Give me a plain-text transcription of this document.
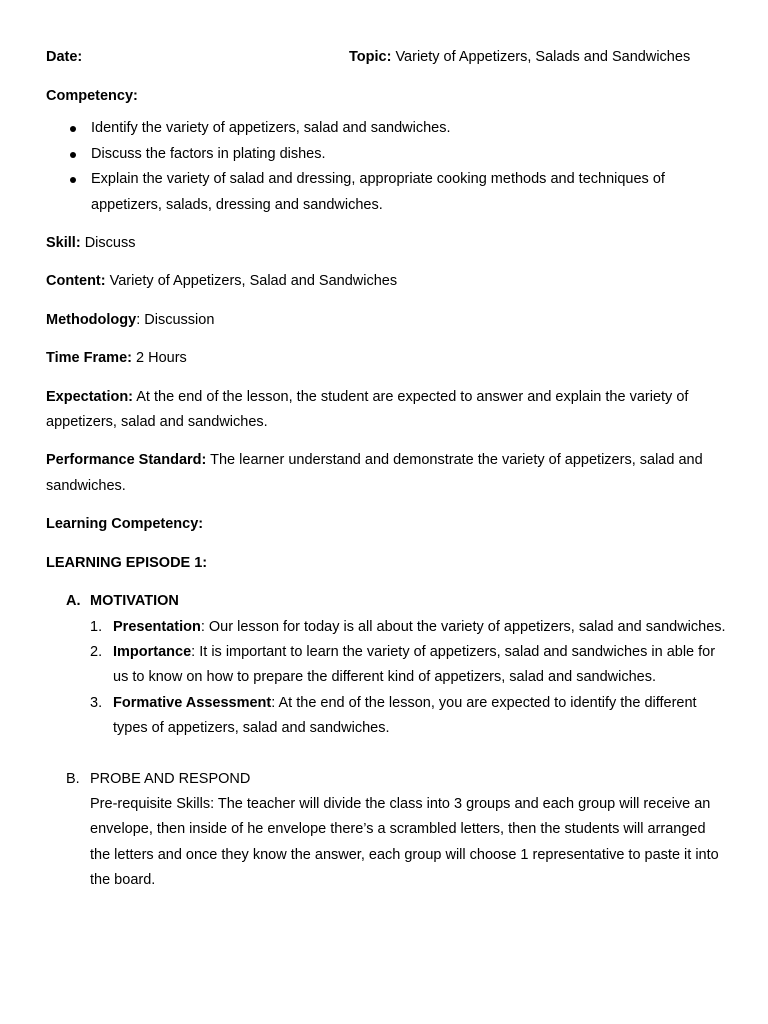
Date:	Topic: Variety of Appetizers, Salads and Sandwiches
Competency:
Identify the variety of appetizers, salad and sandwiches.
Discuss the factors in plating dishes.
Explain the variety of salad and dressing, appropriate cooking methods and techniques of appetizers, salads, dressing and sandwiches.
Skill: Discuss
Content: Variety of Appetizers, Salad and Sandwiches
Methodology: Discussion
Time Frame: 2 Hours
Expectation: At the end of the lesson, the student are expected to answer and explain the variety of appetizers, salad and sandwiches.
Performance Standard: The learner understand and demonstrate the variety of appetizers, salad and sandwiches.
Learning Competency:
LEARNING EPISODE 1:
A. MOTIVATION
1. Presentation: Our lesson for today is all about the variety of appetizers, salad and sandwiches.
2. Importance: It is important to learn the variety of appetizers, salad and sandwiches in able for us to know on how to prepare the different kind of appetizers, salad and sandwiches.
3. Formative Assessment: At the end of the lesson, you are expected to identify the different types of appetizers, salad and sandwiches.
B. PROBE AND RESPOND
Pre-requisite Skills: The teacher will divide the class into 3 groups and each group will receive an envelope, then inside of he envelope there’s a scrambled letters, then the students will arranged the letters and once they know the answer, each group will choose 1 representative to paste it into the board.
